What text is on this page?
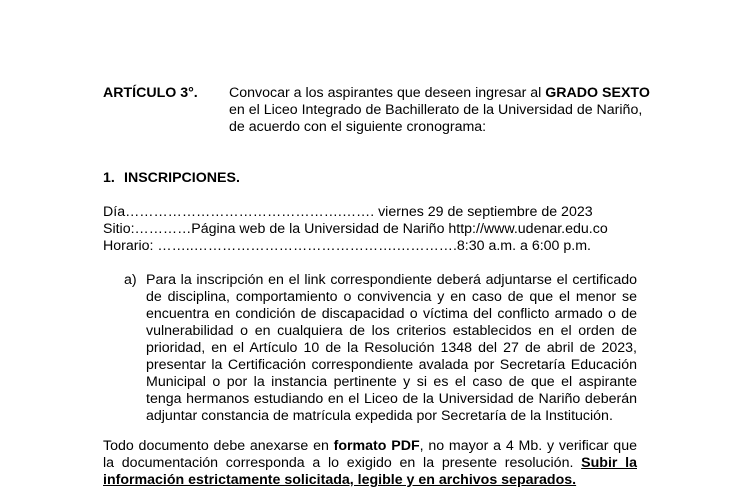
ARTÍCULO 3°. Convocar a los aspirantes que deseen ingresar al GRADO SEXTO
en el Liceo Integrado de Bachillerato de la Universidad de Nariño,
de acuerdo con el siguiente cronograma:
1. INSCRIPCIONES.
Día……………………………………….……. viernes 29 de septiembre de 2023
Sitio:…………Página web de la Universidad de Nariño http://www.udenar.edu.co
Horario: ……..…………………………………….………….8:30 a.m. a 6:00 p.m.
a) Para la inscripción en el link correspondiente deberá adjuntarse el certificado
de disciplina, comportamiento o convivencia y en caso de que el menor se
encuentra en condición de discapacidad o víctima del conflicto armado o de
vulnerabilidad o en cualquiera de los criterios establecidos en el orden de
prioridad, en el Artículo 10 de la Resolución 1348 del 27 de abril de 2023,
presentar la Certificación correspondiente avalada por Secretaría Educación
Municipal o por la instancia pertinente y si es el caso de que el aspirante
tenga hermanos estudiando en el Liceo de la Universidad de Nariño deberán
adjuntar constancia de matrícula expedida por Secretaría de la Institución.
Todo documento debe anexarse en formato PDF, no mayor a 4 Mb. y verificar que
la documentación corresponda a lo exigido en la presente resolución. Subir la
información estrictamente solicitada, legible y en archivos separados.
